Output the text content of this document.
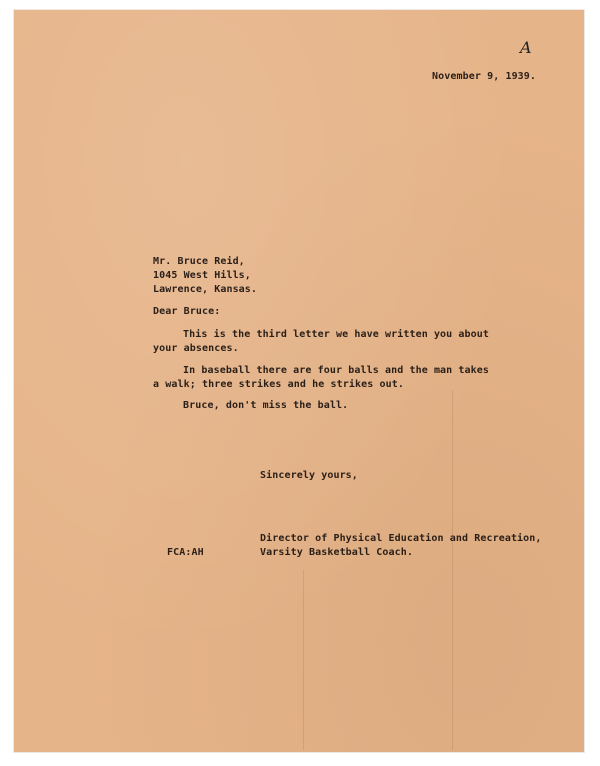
A
November 9, 1939.
Mr. Bruce Reid,
1045 West Hills,
Lawrence, Kansas.
Dear Bruce:
This is the third letter we have written you about
your absences.
In baseball there are four balls and the man takes
a walk; three strikes and he strikes out.
Bruce, don't miss the ball.
Sincerely yours,
Director of Physical Education and Recreation,
Varsity Basketball Coach.
FCA:AH
